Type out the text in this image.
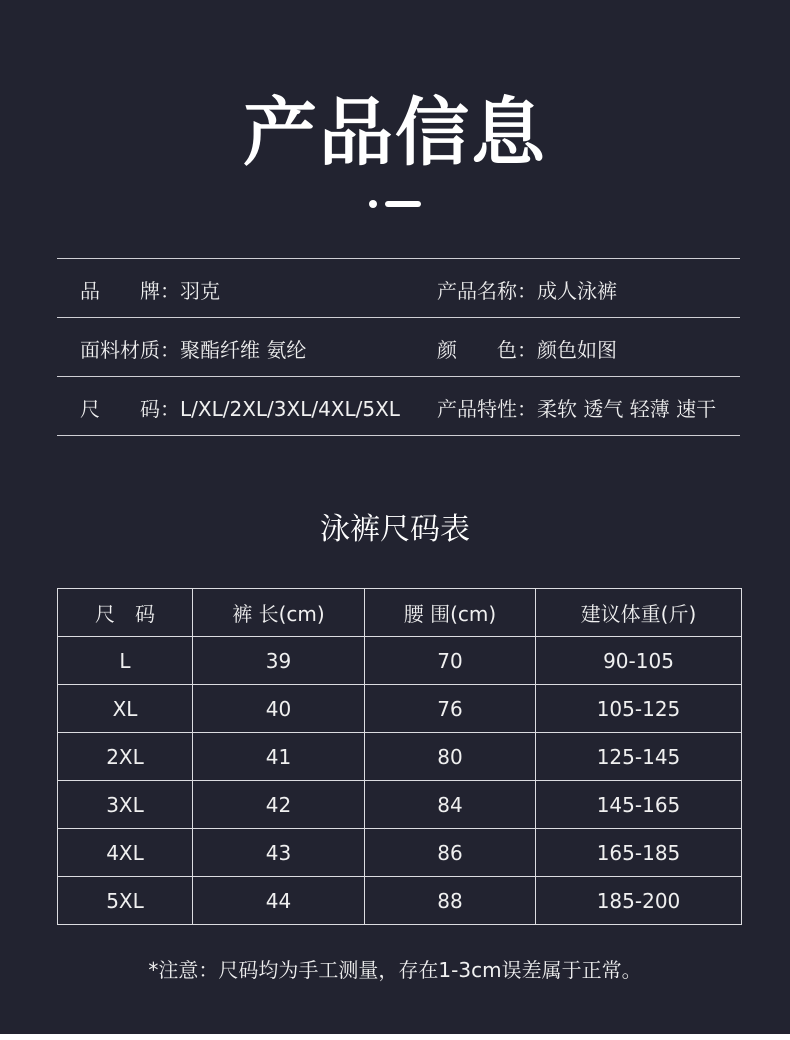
产品信息
品 牌 ：羽克	产品名称：成人泳裤
面料材质：聚酯纤维 氨纶	颜 色 ：颜色如图
尺 码 ：L/XL/2XL/3XL/4XL/5XL 产品特性：柔软 透气 轻薄 速干
泳裤尺码表
尺　码	裤 长(cm)	腰 围(cm)	建议体重(斤)
L	39	70	90-105
XL	40	76	105-125
2XL	41	80	125-145
3XL	42	84	145-165
4XL	43	86	165-185
5XL	44	88	185-200
*注意：尺码均为手工测量，存在1-3cm误差属于正常。
